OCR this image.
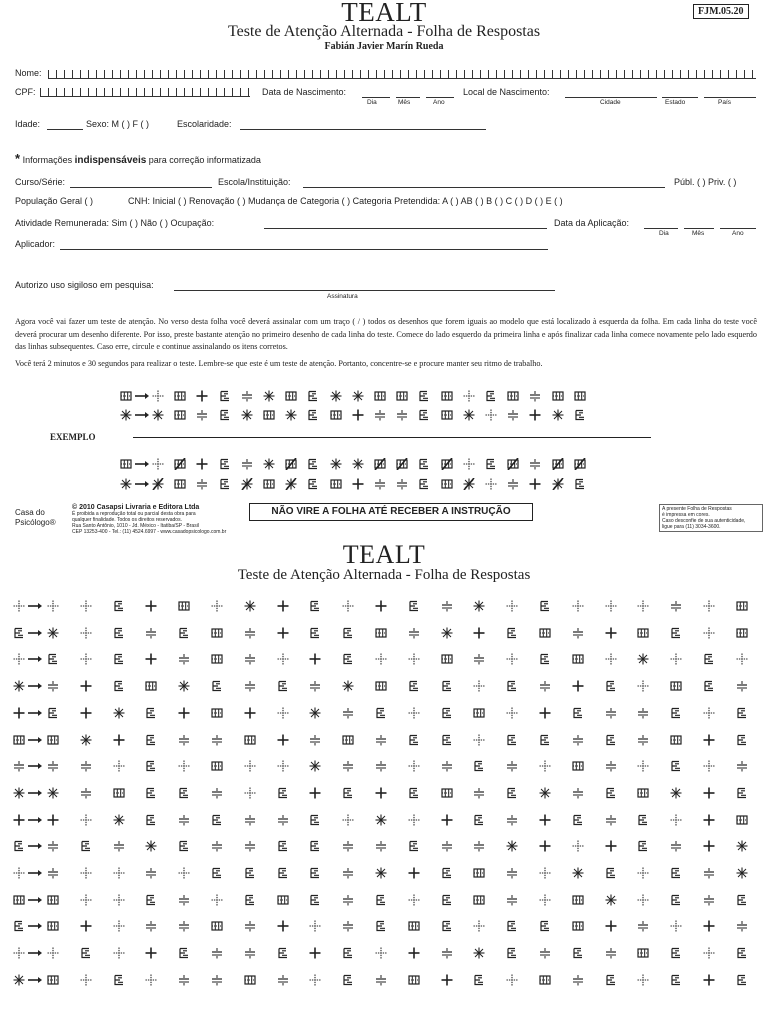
TEALT
Teste de Atenção Alternada - Folha de Respostas
Fabián Javier Marín Rueda
FJM.05.20
Nome:
CPF:	Data de Nascimento:
Dia	Mês	Ano
Local de Nascimento:
Cidade	Estado	País
Idade:	Sexo: M ( ) F ( )	Escolaridade:
* Informações indispensáveis para correção informatizada
Curso/Série:	Escola/Instituição:	Públ. ( ) Priv. ( )
População Geral ( )	CNH: Inicial ( ) Renovação ( ) Mudança de Categoria ( ) Categoria Pretendida: A ( ) AB ( ) B ( ) C ( ) D ( ) E ( )
Atividade Remunerada: Sim ( ) Não ( ) Ocupação:	Data da Aplicação:
Dia	Mês	Ano
Aplicador:
Autorizo uso sigiloso em pesquisa:
Assinatura
Agora você vai fazer um teste de atenção. No verso desta folha você deverá assinalar com um traço ( / ) todos os desenhos que forem iguais ao modelo que está localizado à esquerda da folha. Em cada linha do teste você deverá procurar um desenho diferente. Por isso, preste bastante atenção no primeiro desenho de cada linha do teste. Comece do lado esquerdo da primeira linha e após finalizar cada linha comece novamente pelo lado esquerdo das linhas subsequentes. Caso erre, circule e continue assinalando os itens corretos.
Você terá 2 minutos e 30 segundos para realizar o teste. Lembre-se que este é um teste de atenção. Portanto, concentre-se e procure manter seu ritmo de trabalho.
EXEMPLO
Casa do
Psicólogo®
© 2010 Casapsi Livraria e Editora Ltda
É proibida a reprodução total ou parcial desta obra para
qualquer finalidade. Todos os direitos reservados.
Rua Santo Antônio, 1010 - Jd. México - Itatiba/SP - Brasil
CEP 13253-400 - Tel.: (11) 4524.6997 - www.casadopsicologo.com.br
NÃO VIRE A FOLHA ATÉ RECEBER A INSTRUÇÃO	A presente Folha de Respostas
é impressa em cores.
Caso desconfie de sua autenticidade,
ligue para (11) 3034-3600.
TEALT
Teste de Atenção Alternada - Folha de Respostas
